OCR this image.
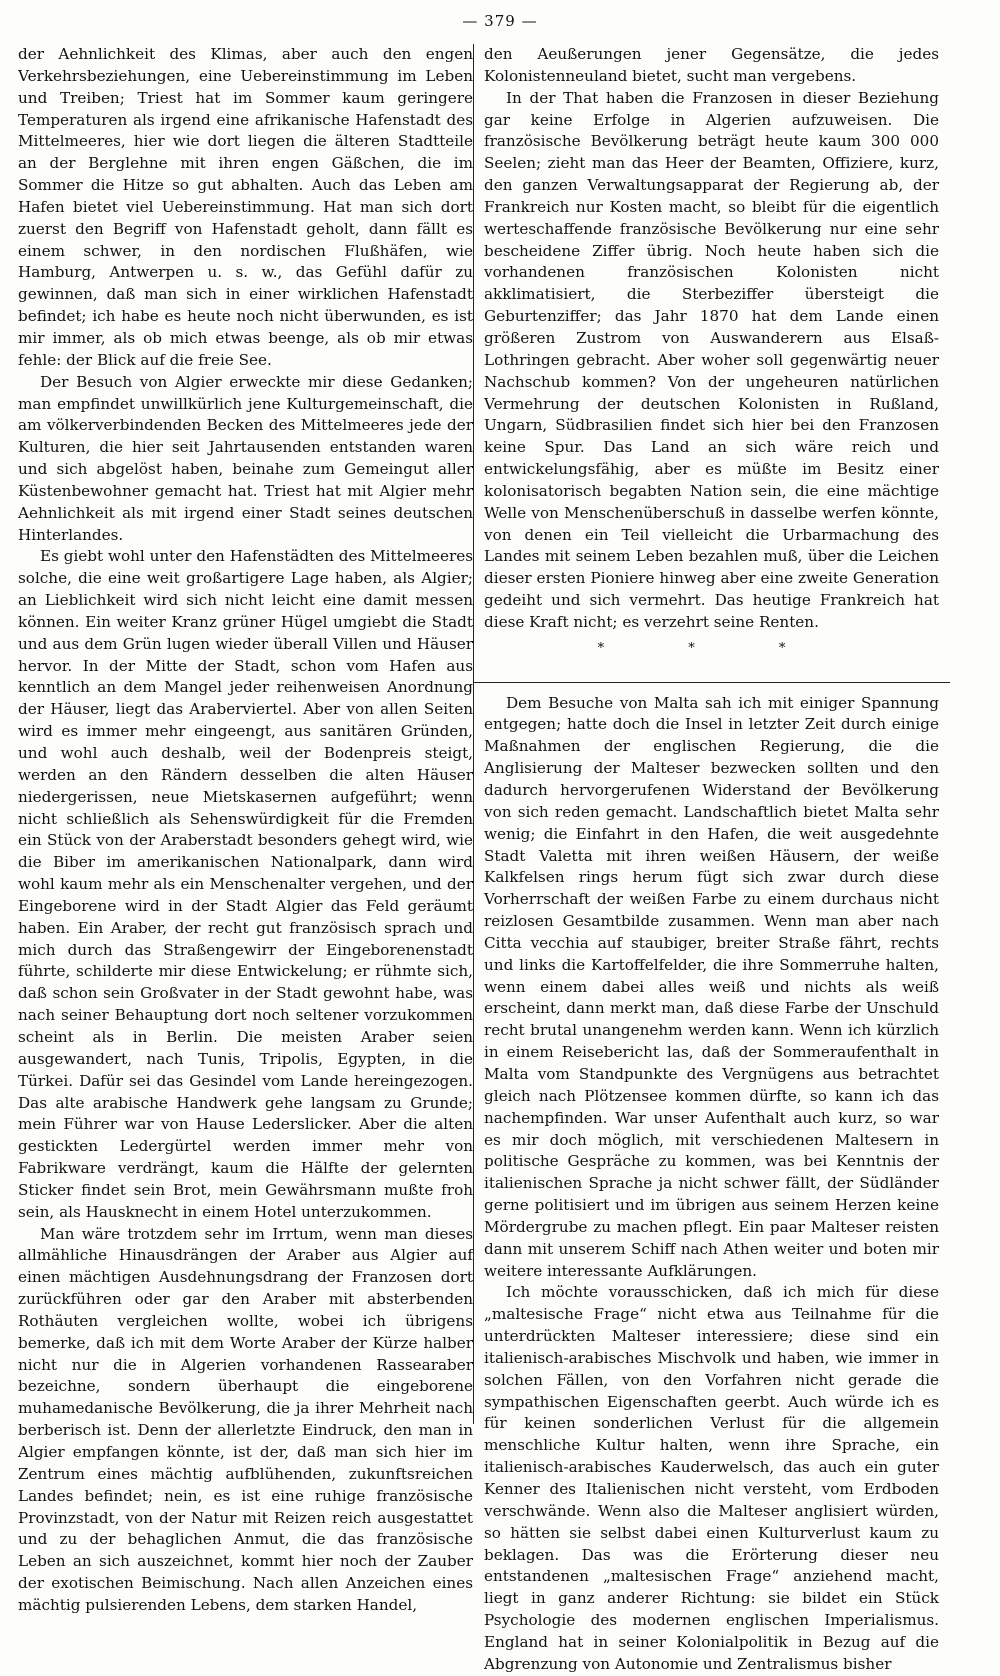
— 379 —

der Aehnlichkeit des Klimas, aber auch den engen Verkehrsbeziehungen, eine Uebereinstimmung im Leben und Treiben; Triest hat im Sommer kaum geringere Temperaturen als irgend eine afrikanische Hafenstadt des Mittelmeeres, hier wie dort liegen die älteren Stadtteile an der Berglehne mit ihren engen Gäßchen, die im Sommer die Hitze so gut abhalten. Auch das Leben am Hafen bietet viel Uebereinstimmung. Hat man sich dort zuerst den Begriff von Hafenstadt geholt, dann fällt es einem schwer, in den nordischen Flußhäfen, wie Hamburg, Antwerpen u. s. w., das Gefühl dafür zu gewinnen, daß man sich in einer wirklichen Hafenstadt befindet; ich habe es heute noch nicht überwunden, es ist mir immer, als ob mich etwas beenge, als ob mir etwas fehle: der Blick auf die freie See.

Der Besuch von Algier erweckte mir diese Gedanken; man empfindet unwillkürlich jene Kulturgemeinschaft, die am völkerverbindenden Becken des Mittelmeeres jede der Kulturen, die hier seit Jahrtausenden entstanden waren und sich abgelöst haben, beinahe zum Gemeingut aller Küstenbewohner gemacht hat. Triest hat mit Algier mehr Aehnlichkeit als mit irgend einer Stadt seines deutschen Hinterlandes.

Es giebt wohl unter den Hafenstädten des Mittelmeeres solche, die eine weit großartigere Lage haben, als Algier; an Lieblichkeit wird sich nicht leicht eine damit messen können. Ein weiter Kranz grüner Hügel umgiebt die Stadt und aus dem Grün lugen wieder überall Villen und Häuser hervor. In der Mitte der Stadt, schon vom Hafen aus kenntlich an dem Mangel jeder reihenweisen Anordnung der Häuser, liegt das Araberviertel. Aber von allen Seiten wird es immer mehr eingeengt, aus sanitären Gründen, und wohl auch deshalb, weil der Bodenpreis steigt, werden an den Rändern desselben die alten Häuser niedergerissen, neue Mietskasernen aufgeführt; wenn nicht schließlich als Sehenswürdigkeit für die Fremden ein Stück von der Araberstadt besonders gehegt wird, wie die Biber im amerikanischen Nationalpark, dann wird wohl kaum mehr als ein Menschenalter vergehen, und der Eingeborene wird in der Stadt Algier das Feld geräumt haben. Ein Araber, der recht gut französisch sprach und mich durch das Straßengewirr der Eingeborenenstadt führte, schilderte mir diese Entwickelung; er rühmte sich, daß schon sein Großvater in der Stadt gewohnt habe, was nach seiner Behauptung dort noch seltener vorzukommen scheint als in Berlin. Die meisten Araber seien ausgewandert, nach Tunis, Tripolis, Egypten, in die Türkei. Dafür sei das Gesindel vom Lande hereingezogen. Das alte arabische Handwerk gehe langsam zu Grunde; mein Führer war von Hause Lederslicker. Aber die alten gestickten Ledergürtel werden immer mehr von Fabrikware verdrängt, kaum die Hälfte der gelernten Sticker findet sein Brot, mein Gewährsmann mußte froh sein, als Hausknecht in einem Hotel unterzukommen.

Man wäre trotzdem sehr im Irrtum, wenn man dieses allmähliche Hinausdrängen der Araber aus Algier auf einen mächtigen Ausdehnungsdrang der Franzosen dort zurückführen oder gar den Araber mit absterbenden Rothäuten vergleichen wollte, wobei ich übrigens bemerke, daß ich mit dem Worte Araber der Kürze halber nicht nur die in Algerien vorhandenen Rassearaber bezeichne, sondern überhaupt die eingeborene muhamedanische Bevölkerung, die ja ihrer Mehrheit nach berberisch ist. Denn der allerletzte Eindruck, den man in Algier empfangen könnte, ist der, daß man sich hier im Zentrum eines mächtig aufblühenden, zukunftsreichen Landes befindet; nein, es ist eine ruhige französische Provinzstadt, von der Natur mit Reizen reich ausgestattet und zu der behaglichen Anmut, die das französische Leben an sich auszeichnet, kommt hier noch der Zauber der exotischen Beimischung. Nach allen Anzeichen eines mächtig pulsierenden Lebens, dem starken Handel,

den Aeußerungen jener Gegensätze, die jedes Kolonistenneuland bietet, sucht man vergebens.

In der That haben die Franzosen in dieser Beziehung gar keine Erfolge in Algerien aufzuweisen. Die französische Bevölkerung beträgt heute kaum 300 000 Seelen; zieht man das Heer der Beamten, Offiziere, kurz, den ganzen Verwaltungsapparat der Regierung ab, der Frankreich nur Kosten macht, so bleibt für die eigentlich werteschaffende französische Bevölkerung nur eine sehr bescheidene Ziffer übrig. Noch heute haben sich die vorhandenen französischen Kolonisten nicht akklimatisiert, die Sterbeziffer übersteigt die Geburtenziffer; das Jahr 1870 hat dem Lande einen größeren Zustrom von Auswanderern aus Elsaß-Lothringen gebracht. Aber woher soll gegenwärtig neuer Nachschub kommen? Von der ungeheuren natürlichen Vermehrung der deutschen Kolonisten in Rußland, Ungarn, Südbrasilien findet sich hier bei den Franzosen keine Spur. Das Land an sich wäre reich und entwickelungsfähig, aber es müßte im Besitz einer kolonisatorisch begabten Nation sein, die eine mächtige Welle von Menschenüberschuß in dasselbe werfen könnte, von denen ein Teil vielleicht die Urbarmachung des Landes mit seinem Leben bezahlen muß, über die Leichen dieser ersten Pioniere hinweg aber eine zweite Generation gedeiht und sich vermehrt. Das heutige Frankreich hat diese Kraft nicht; es verzehrt seine Renten.

* * *

Dem Besuche von Malta sah ich mit einiger Spannung entgegen; hatte doch die Insel in letzter Zeit durch einige Maßnahmen der englischen Regierung, die die Anglisierung der Malteser bezwecken sollten und den dadurch hervorgerufenen Widerstand der Bevölkerung von sich reden gemacht. Landschaftlich bietet Malta sehr wenig; die Einfahrt in den Hafen, die weit ausgedehnte Stadt Valetta mit ihren weißen Häusern, der weiße Kalkfelsen rings herum fügt sich zwar durch diese Vorherrschaft der weißen Farbe zu einem durchaus nicht reizlosen Gesamtbilde zusammen. Wenn man aber nach Citta vecchia auf staubiger, breiter Straße fährt, rechts und links die Kartoffelfelder, die ihre Sommerruhe halten, wenn einem dabei alles weiß und nichts als weiß erscheint, dann merkt man, daß diese Farbe der Unschuld recht brutal unangenehm werden kann. Wenn ich kürzlich in einem Reisebericht las, daß der Sommeraufenthalt in Malta vom Standpunkte des Vergnügens aus betrachtet gleich nach Plötzensee kommen dürfte, so kann ich das nachempfinden. War unser Aufenthalt auch kurz, so war es mir doch möglich, mit verschiedenen Maltesern in politische Gespräche zu kommen, was bei Kenntnis der italienischen Sprache ja nicht schwer fällt, der Südländer gerne politisiert und im übrigen aus seinem Herzen keine Mördergrube zu machen pflegt. Ein paar Malteser reisten dann mit unserem Schiff nach Athen weiter und boten mir weitere interessante Aufklärungen.

Ich möchte vorausschicken, daß ich mich für diese „maltesische Frage“ nicht etwa aus Teilnahme für die unterdrückten Malteser interessiere; diese sind ein italienisch-arabisches Mischvolk und haben, wie immer in solchen Fällen, von den Vorfahren nicht gerade die sympathischen Eigenschaften geerbt. Auch würde ich es für keinen sonderlichen Verlust für die allgemein menschliche Kultur halten, wenn ihre Sprache, ein italienisch-arabisches Kauderwelsch, das auch ein guter Kenner des Italienischen nicht versteht, vom Erdboden verschwände. Wenn also die Malteser anglisiert würden, so hätten sie selbst dabei einen Kulturverlust kaum zu beklagen. Das was die Erörterung dieser neu entstandenen „maltesischen Frage“ anziehend macht, liegt in ganz anderer Richtung: sie bildet ein Stück Psychologie des modernen englischen Imperialismus. England hat in seiner Kolonialpolitik in Bezug auf die Abgrenzung von Autonomie und Zentralismus bisher
